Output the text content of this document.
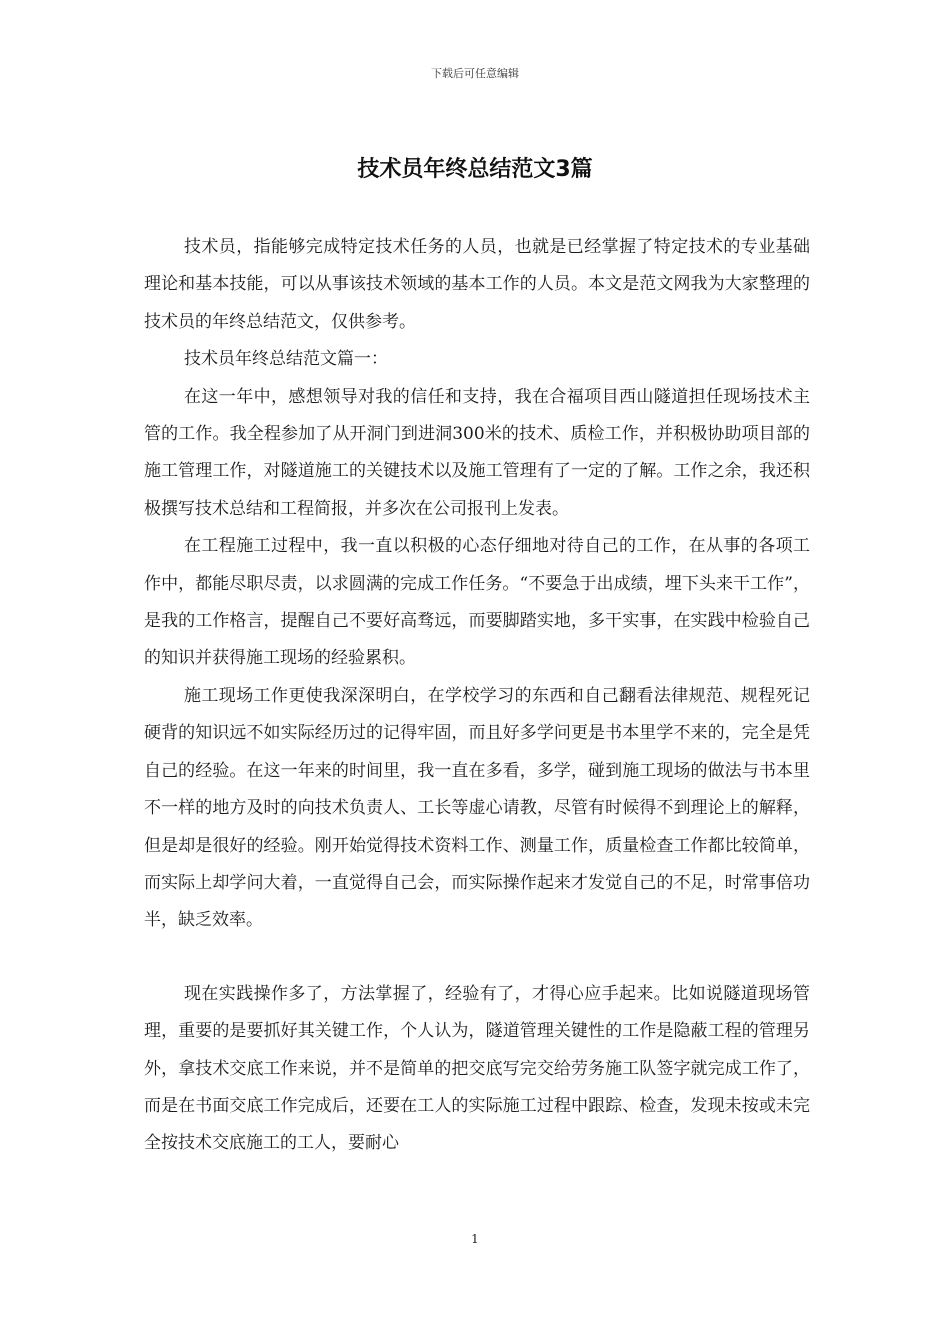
下载后可任意编辑
技术员年终总结范文3篇

技术员，指能够完成特定技术任务的人员，也就是已经掌握了特定技术的专业基础理论和基本技能，可以从事该技术领域的基本工作的人员。本文是范文网我为大家整理的技术员的年终总结范文，仅供参考。

技术员年终总结范文篇一：

在这一年中，感想领导对我的信任和支持，我在合福项目西山隧道担任现场技术主管的工作。我全程参加了从开洞门到进洞300米的技术、质检工作，并积极协助项目部的施工管理工作，对隧道施工的关键技术以及施工管理有了一定的了解。工作之余，我还积极撰写技术总结和工程简报，并多次在公司报刊上发表。

在工程施工过程中，我一直以积极的心态仔细地对待自己的工作，在从事的各项工作中，都能尽职尽责，以求圆满的完成工作任务。“不要急于出成绩，埋下头来干工作”，是我的工作格言，提醒自己不要好高骛远，而要脚踏实地，多干实事，在实践中检验自己的知识并获得施工现场的经验累积。

施工现场工作更使我深深明白，在学校学习的东西和自己翻看法律规范、规程死记硬背的知识远不如实际经历过的记得牢固，而且好多学问更是书本里学不来的，完全是凭自己的经验。在这一年来的时间里，我一直在多看，多学，碰到施工现场的做法与书本里不一样的地方及时的向技术负责人、工长等虚心请教，尽管有时候得不到理论上的解释，但是却是很好的经验。刚开始觉得技术资料工作、测量工作，质量检查工作都比较简单，而实际上却学问大着，一直觉得自己会，而实际操作起来才发觉自己的不足，时常事倍功半，缺乏效率。

现在实践操作多了，方法掌握了，经验有了，才得心应手起来。比如说隧道现场管理，重要的是要抓好其关键工作，个人认为，隧道管理关键性的工作是隐蔽工程的管理另外，拿技术交底工作来说，并不是简单的把交底写完交给劳务施工队签字就完成工作了，而是在书面交底工作完成后，还要在工人的实际施工过程中跟踪、检查，发现未按或未完全按技术交底施工的工人，要耐心

1
